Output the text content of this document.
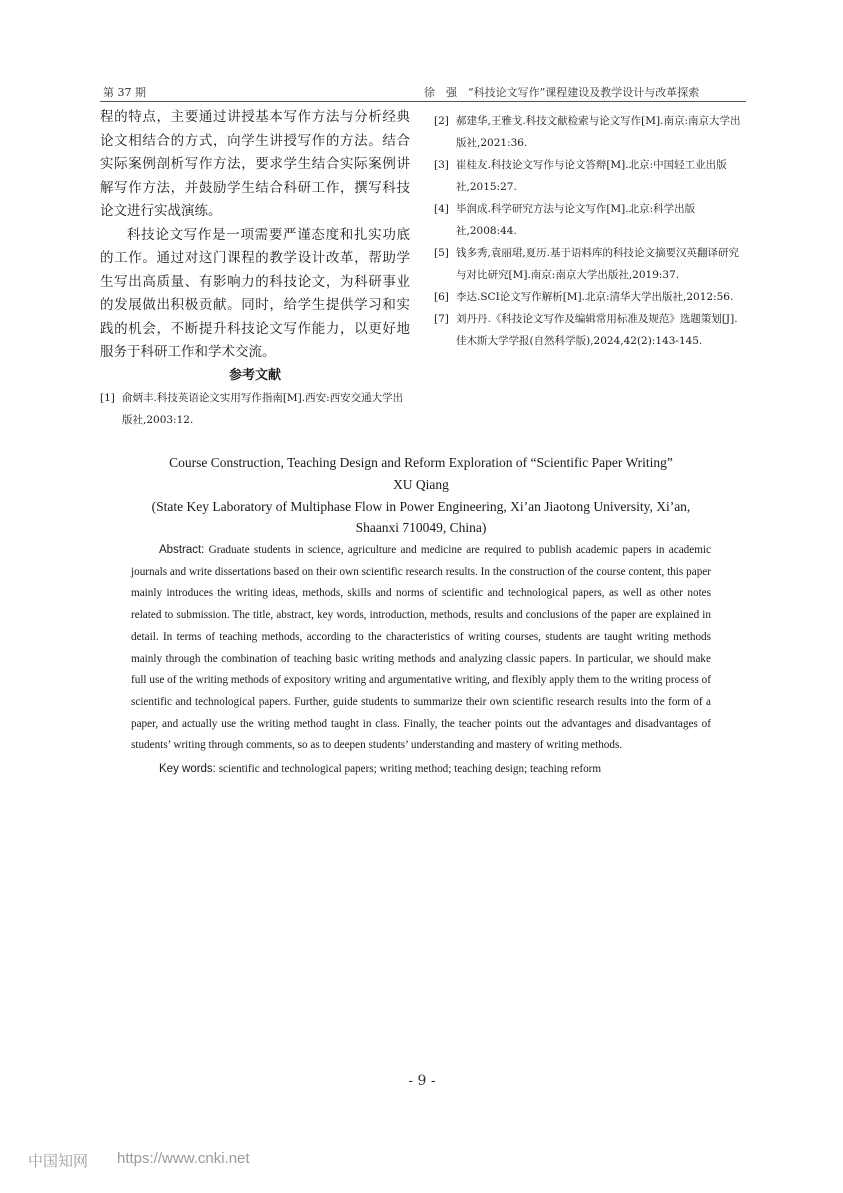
第 37 期	徐　强　“科技论文写作”课程建设及教学设计与改革探索

程的特点，主要通过讲授基本写作方法与分析经典论文相结合的方式，向学生讲授写作的方法。结合实际案例剖析写作方法，要求学生结合实际案例讲解写作方法，并鼓励学生结合科研工作，撰写科技论文进行实战演练。

科技论文写作是一项需要严谨态度和扎实功底的工作。通过对这门课程的教学设计改革，帮助学生写出高质量、有影响力的科技论文，为科研事业的发展做出积极贡献。同时，给学生提供学习和实践的机会，不断提升科技论文写作能力，以更好地服务于科研工作和学术交流。

参考文献
[1] 俞炳丰.科技英语论文实用写作指南[M].西安:西安交通大学出版社,2003:12.
[2] 郝建华,王雅戈.科技文献检索与论文写作[M].南京:南京大学出版社,2021:36.
[3] 崔桂友.科技论文写作与论文答辩[M].北京:中国轻工业出版社,2015:27.
[4] 毕润成.科学研究方法与论文写作[M].北京:科学出版社,2008:44.
[5] 钱多秀,袁丽珺,夏历.基于语料库的科技论文摘要汉英翻译研究与对比研究[M].南京:南京大学出版社,2019:37.
[6] 李达.SCI论文写作解析[M].北京:清华大学出版社,2012:56.
[7] 刘丹丹.《科技论文写作及编辑常用标准及规范》选题策划[J].佳木斯大学学报(自然科学版),2024,42(2):143-145.
Course Construction, Teaching Design and Reform Exploration of “Scientific Paper Writing”
XU Qiang
(State Key Laboratory of Multiphase Flow in Power Engineering, Xi’an Jiaotong University, Xi’an, Shaanxi 710049, China)
Abstract: Graduate students in science, agriculture and medicine are required to publish academic papers in academic journals and write dissertations based on their own scientific research results. In the construction of the course content, this paper mainly introduces the writing ideas, methods, skills and norms of scientific and technological papers, as well as other notes related to submission. The title, abstract, key words, introduction, methods, results and conclusions of the paper are explained in detail. In terms of teaching methods, according to the characteristics of writing courses, students are taught writing methods mainly through the combination of teaching basic writing methods and analyzing classic papers. In particular, we should make full use of the writing methods of expository writing and argumentative writing, and flexibly apply them to the writing process of scientific and technological papers. Further, guide students to summarize their own scientific research results into the form of a paper, and actually use the writing method taught in class. Finally, the teacher points out the advantages and disadvantages of students’ writing through comments, so as to deepen students’ understanding and mastery of writing methods.
Key words: scientific and technological papers; writing method; teaching design; teaching reform
- 9 -
中国知网 https://www.cnki.net
